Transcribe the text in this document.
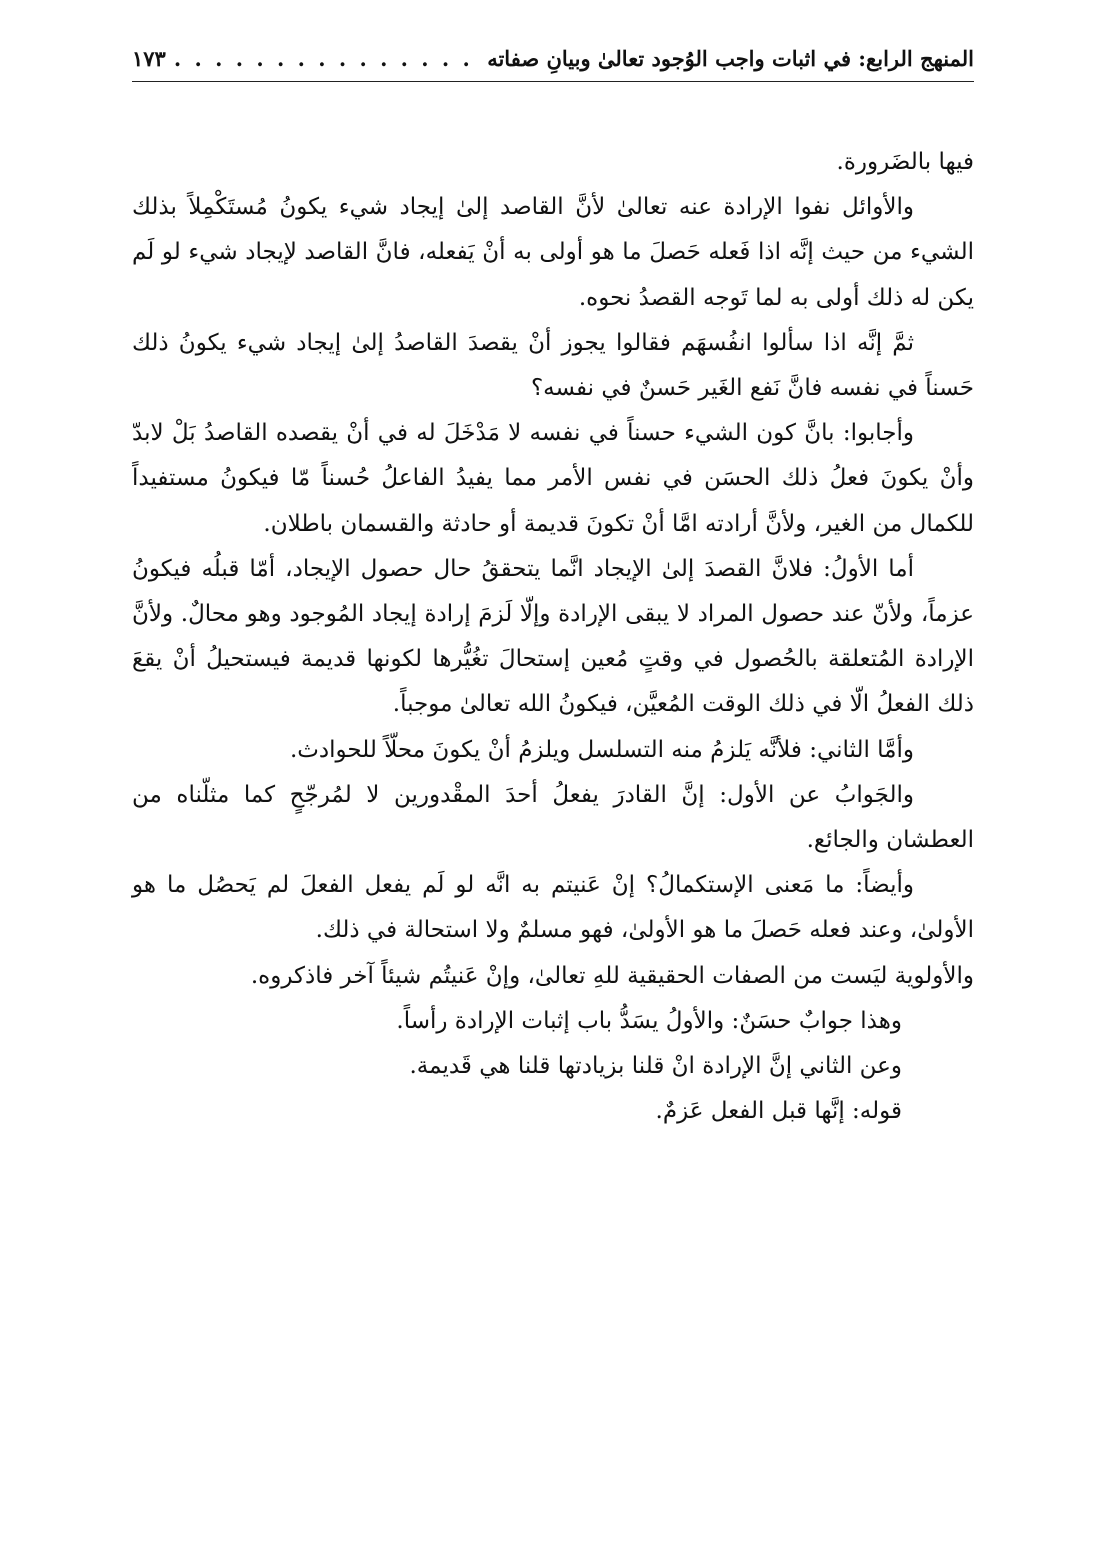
المنهج الرابع: في اثبات واجب الوُجود تعالىٰ وبيانِ صفاته
. . .
١٧٣

فيها بالضَرورة.

والأوائل نفوا الإرادة عنه تعالىٰ لأنَّ القاصد إلىٰ إيجاد شيء يكونُ مُستَكْمِلاً بذلك الشيء من حيث إنَّه اذا فَعله حَصلَ ما هو أولى به أنْ يَفعله، فانَّ القاصد لإيجاد شيء لو لَم يكن له ذلك أولى به لما تَوجه القصدُ نحوه.

ثمَّ إنَّه اذا سألوا انفُسهَم فقالوا يجوز أنْ يقصدَ القاصدُ إلىٰ إيجاد شيء يكونُ ذلك حَسناً في نفسه فانَّ نَفع الغَير حَسنٌ في نفسه؟

وأجابوا: بانَّ كون الشيء حسناً في نفسه لا مَدْخَلَ له في أنْ يقصده القاصدُ بَلْ لابدّ وأنْ يكونَ فعلُ ذلك الحسَن في نفس الأمر مما يفيدُ الفاعلُ حُسناً مّا فيكونُ مستفيداً للكمال من الغير، ولأنَّ أرادته امَّا أنْ تكونَ قديمة أو حادثة والقسمان باطلان.

أما الأولُ: فلانَّ القصدَ إلىٰ الإيجاد انَّما يتحققُ حال حصول الإيجاد، أمّا قبلُه فيكونُ عزماً، ولأنّ عند حصول المراد لا يبقى الإرادة وإلّا لَزمَ إرادة إيجاد المُوجود وهو محالٌ. ولأنَّ الإرادة المُتعلقة بالحُصول في وقتٍ مُعين إستحالَ تغُيُّرها لكونها قديمة فيستحيلُ أنْ يقعَ ذلك الفعلُ الّا في ذلك الوقت المُعيَّن، فيكونُ الله تعالىٰ موجباً.

وأمَّا الثاني: فلأنَّه يَلزمُ منه التسلسل ويلزمُ أنْ يكونَ محلّاً للحوادث.

والجَوابُ عن الأول: إنَّ القادرَ يفعلُ أحدَ المقْدورين لا لمُرجّحٍ كما مثلّناه من العطشان والجائع.

وأيضاً: ما مَعنى الإستكمالُ؟ إنْ عَنيتم به انَّه لو لَم يفعل الفعلَ لم يَحصُل ما هو الأولىٰ، وعند فعله حَصلَ ما هو الأولىٰ، فهو مسلمٌ ولا استحالة في ذلك.

والأولوية ليَست من الصفات الحقيقية للهِ تعالىٰ، وإنْ عَنيتُم شيئاً آخر فاذكروه.

وهذا جوابٌ حسَنٌ: والأولُ يسَدُّ باب إثبات الإرادة رأساً.

وعن الثاني إنَّ الإرادة انْ قلنا بزيادتها قلنا هي قَديمة.

قوله: إنَّها قبل الفعل عَزمٌ.
